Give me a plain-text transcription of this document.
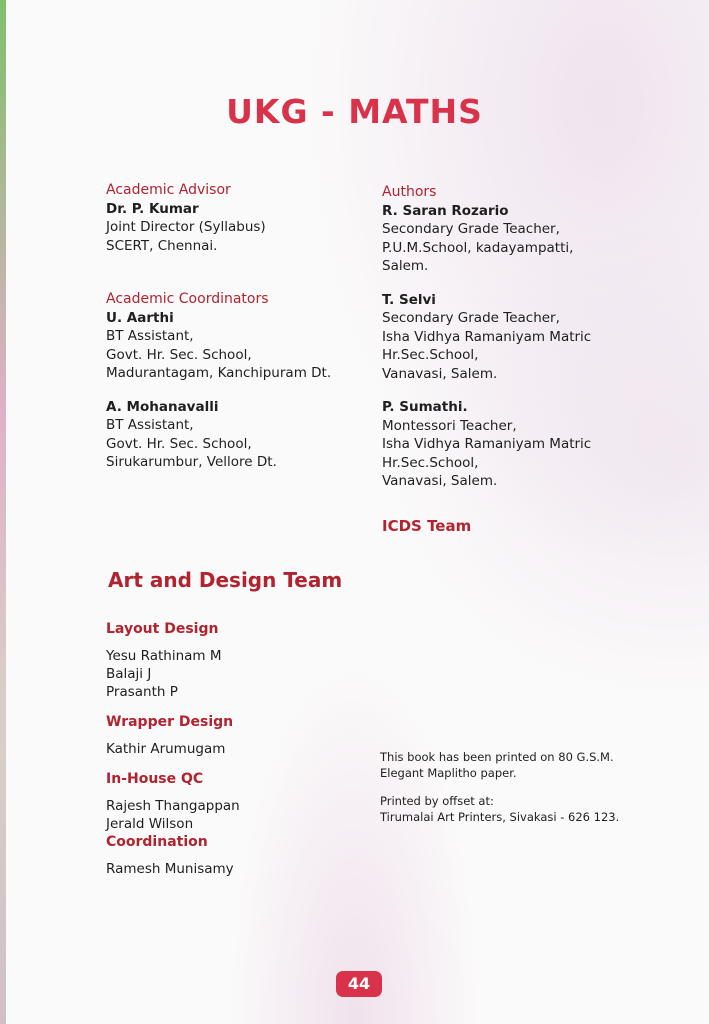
UKG - MATHS
Academic Advisor
Dr. P. Kumar
Joint Director (Syllabus)
SCERT, Chennai.
Academic Coordinators
U. Aarthi
BT Assistant,
Govt. Hr. Sec. School,
Madurantagam, Kanchipuram Dt.
A. Mohanavalli
BT Assistant,
Govt. Hr. Sec. School,
Sirukarumbur, Vellore Dt.
Authors
R. Saran Rozario
Secondary Grade Teacher,
P.U.M.School, kadayampatti,
Salem.
T. Selvi
Secondary Grade Teacher,
Isha Vidhya Ramaniyam Matric
Hr.Sec.School,
Vanavasi, Salem.
P. Sumathi.
Montessori Teacher,
Isha Vidhya Ramaniyam Matric
Hr.Sec.School,
Vanavasi, Salem.
ICDS Team
Art and Design Team
Layout Design
Yesu Rathinam M
Balaji J
Prasanth P
Wrapper Design
Kathir Arumugam
In-House QC
Rajesh Thangappan
Jerald Wilson
Coordination
Ramesh Munisamy
This book has been printed on 80 G.S.M.
Elegant Maplitho paper.
Printed by offset at:
Tirumalai Art Printers, Sivakasi - 626 123.
44
